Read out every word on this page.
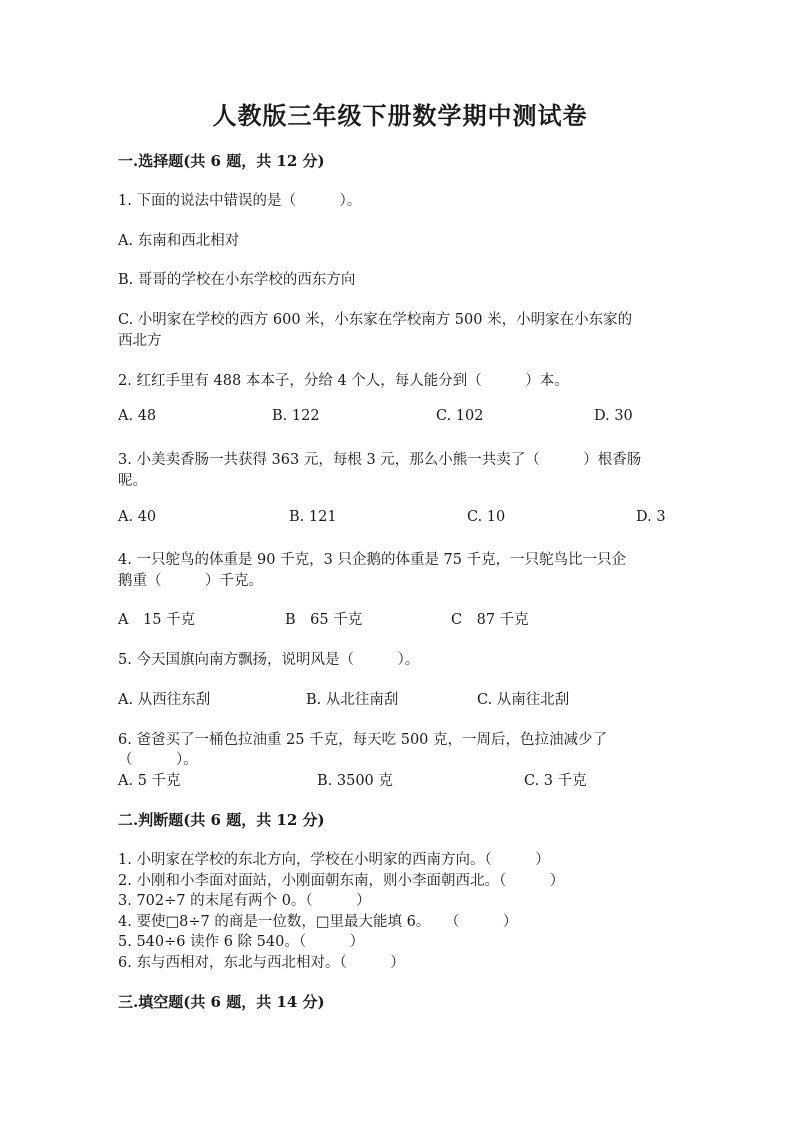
人教版三年级下册数学期中测试卷
一.选择题(共 6 题，共 12 分)
1. 下面的说法中错误的是（　　　）。
A. 东南和西北相对
B. 哥哥的学校在小东学校的西东方向
C. 小明家在学校的西方 600 米，小东家在学校南方 500 米，小明家在小东家的
西北方
2. 红红手里有 488 本本子，分给 4 个人，每人能分到（　　　）本。
A. 48	B. 122	C. 102	D. 30
3. 小美卖香肠一共获得 363 元，每根 3 元，那么小熊一共卖了（　　　）根香肠
呢。
A. 40	B. 121	C. 10	D. 3
4. 一只鸵鸟的体重是 90 千克，3 只企鹅的体重是 75 千克，一只鸵鸟比一只企
鹅重（　　　）千克。
A　15 千克	B　65 千克	C　87 千克
5. 今天国旗向南方飘扬，说明风是（　　　）。
A. 从西往东刮	B. 从北往南刮	C. 从南往北刮
6. 爸爸买了一桶色拉油重 25 千克，每天吃 500 克，一周后，色拉油减少了
（　　　）。
A. 5 千克	B. 3500 克	C. 3 千克
二.判断题(共 6 题，共 12 分)
1. 小明家在学校的东北方向，学校在小明家的西南方向。（　　　）
2. 小刚和小李面对面站，小刚面朝东南，则小李面朝西北。（　　　）
3. 702÷7 的末尾有两个 0。（　　　）
4. 要使□8÷7 的商是一位数，□里最大能填 6。　　（　　　）
5. 540÷6 读作 6 除 540。（　　　）
6. 东与西相对，东北与西北相对。（　　　）
三.填空题(共 6 题，共 14 分)
